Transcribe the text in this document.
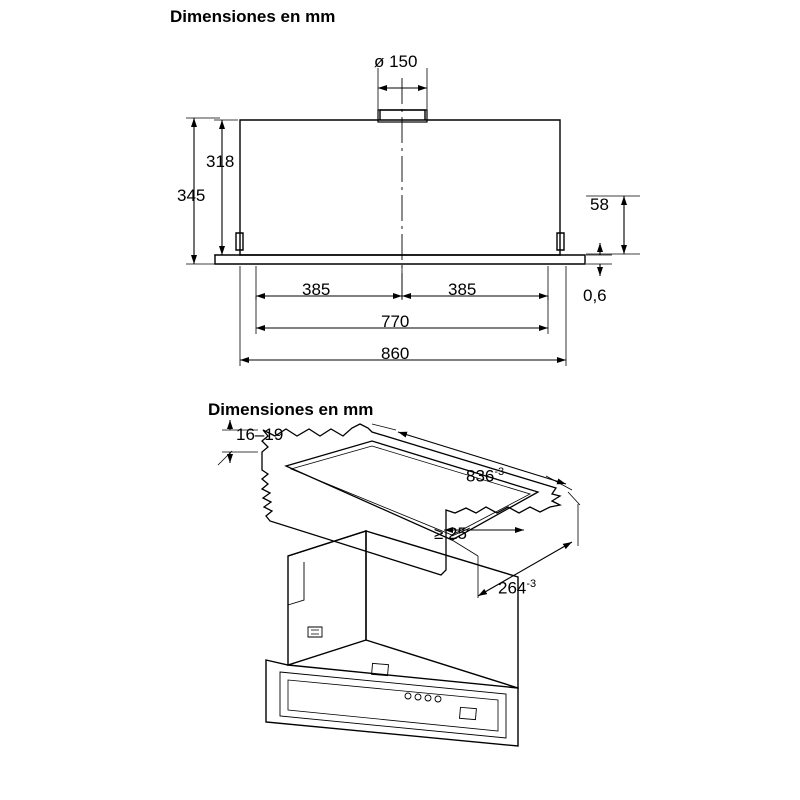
Dimensiones en mm
Dimensiones en mm
ø 150
318
345	58
0,6
385	385
770
860
16–19
$836^{-3}$
≥ 25
$264^{-3}$
